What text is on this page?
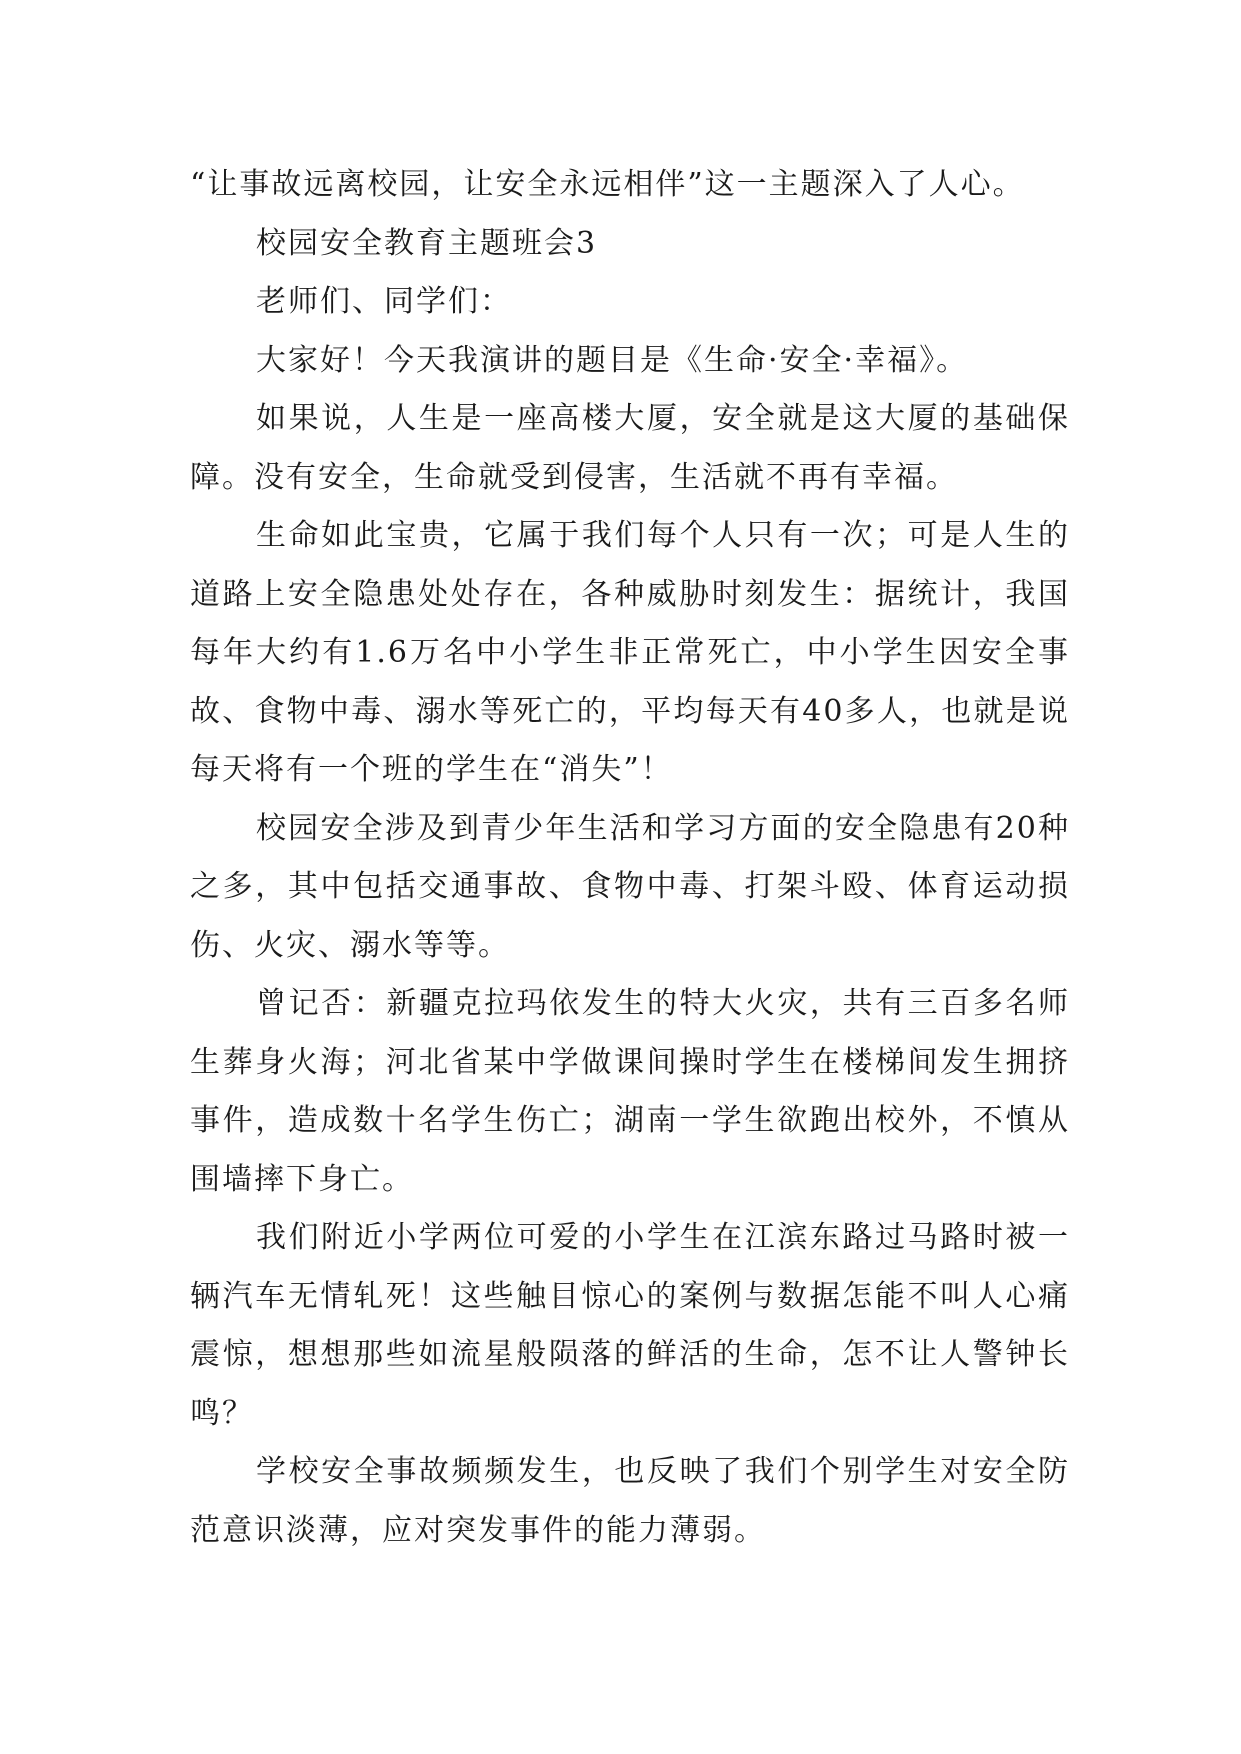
“让事故远离校园，让安全永远相伴”这一主题深入了人心。

校园安全教育主题班会3

老师们、同学们：

大家好！今天我演讲的题目是《生命·安全·幸福》。

如果说，人生是一座高楼大厦，安全就是这大厦的基础保障。没有安全，生命就受到侵害，生活就不再有幸福。

生命如此宝贵，它属于我们每个人只有一次；可是人生的道路上安全隐患处处存在，各种威胁时刻发生：据统计，我国每年大约有1.6万名中小学生非正常死亡，中小学生因安全事故、食物中毒、溺水等死亡的，平均每天有40多人，也就是说每天将有一个班的学生在“消失”！

校园安全涉及到青少年生活和学习方面的安全隐患有20种之多，其中包括交通事故、食物中毒、打架斗殴、体育运动损伤、火灾、溺水等等。

曾记否：新疆克拉玛依发生的特大火灾，共有三百多名师生葬身火海；河北省某中学做课间操时学生在楼梯间发生拥挤事件，造成数十名学生伤亡；湖南一学生欲跑出校外，不慎从围墙摔下身亡。

我们附近小学两位可爱的小学生在江滨东路过马路时被一辆汽车无情轧死！这些触目惊心的案例与数据怎能不叫人心痛震惊，想想那些如流星般陨落的鲜活的生命，怎不让人警钟长鸣？

学校安全事故频频发生，也反映了我们个别学生对安全防范意识淡薄，应对突发事件的能力薄弱。
